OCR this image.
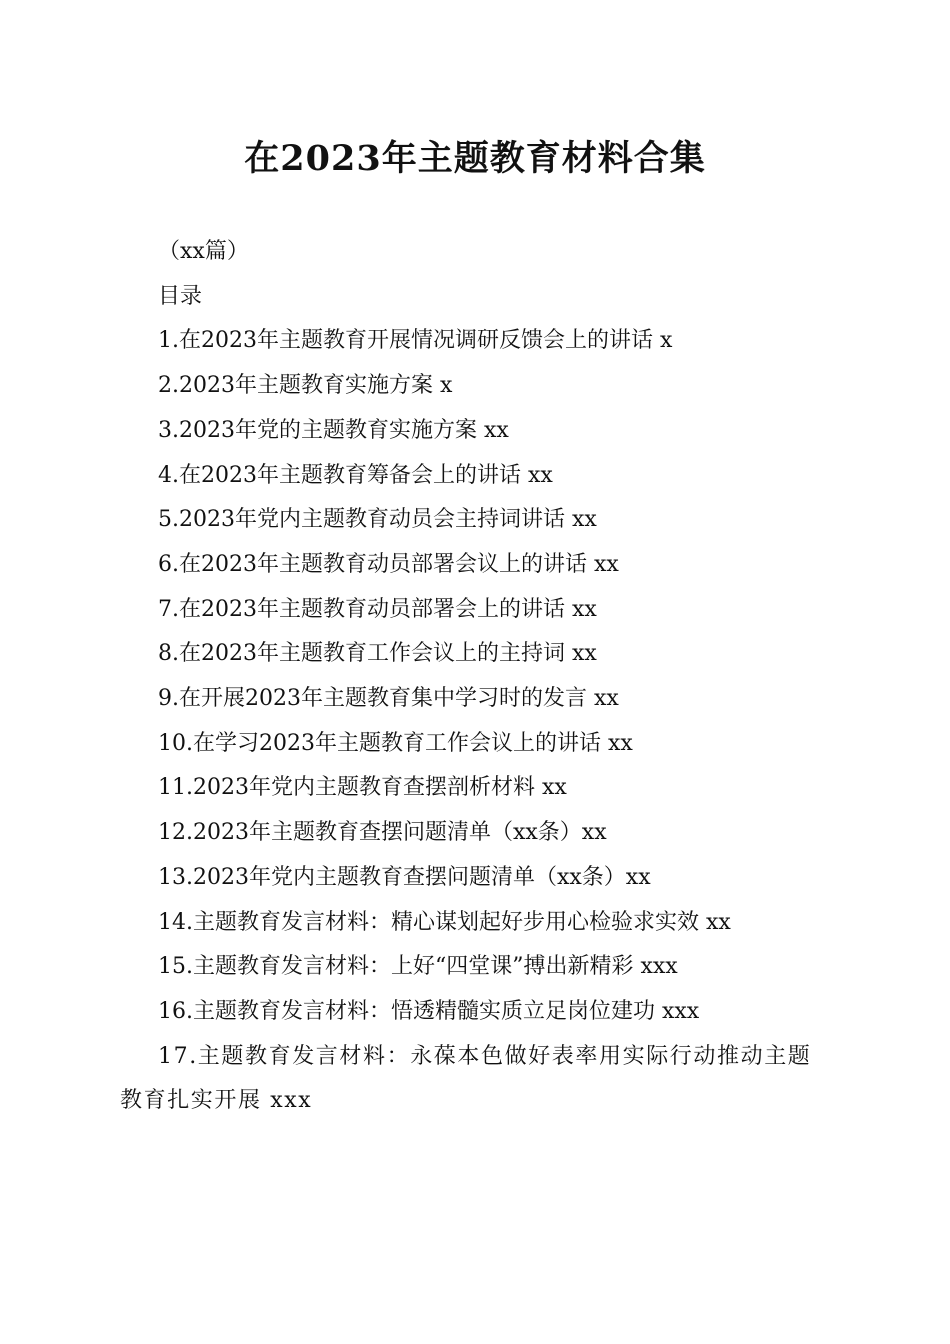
在2023年主题教育材料合集
（xx篇）
目录
1.在2023年主题教育开展情况调研反馈会上的讲话 x
2.2023年主题教育实施方案 x
3.2023年党的主题教育实施方案 xx
4.在2023年主题教育筹备会上的讲话 xx
5.2023年党内主题教育动员会主持词讲话 xx
6.在2023年主题教育动员部署会议上的讲话 xx
7.在2023年主题教育动员部署会上的讲话 xx
8.在2023年主题教育工作会议上的主持词 xx
9.在开展2023年主题教育集中学习时的发言 xx
10.在学习2023年主题教育工作会议上的讲话 xx
11.2023年党内主题教育查摆剖析材料 xx
12.2023年主题教育查摆问题清单（xx条）xx
13.2023年党内主题教育查摆问题清单（xx条）xx
14.主题教育发言材料：精心谋划起好步用心检验求实效 xx
15.主题教育发言材料：上好“四堂课”搏出新精彩 xxx
16.主题教育发言材料：悟透精髓实质立足岗位建功 xxx
17.主题教育发言材料：永葆本色做好表率用实际行动推动主题教育扎实开展 xxx
